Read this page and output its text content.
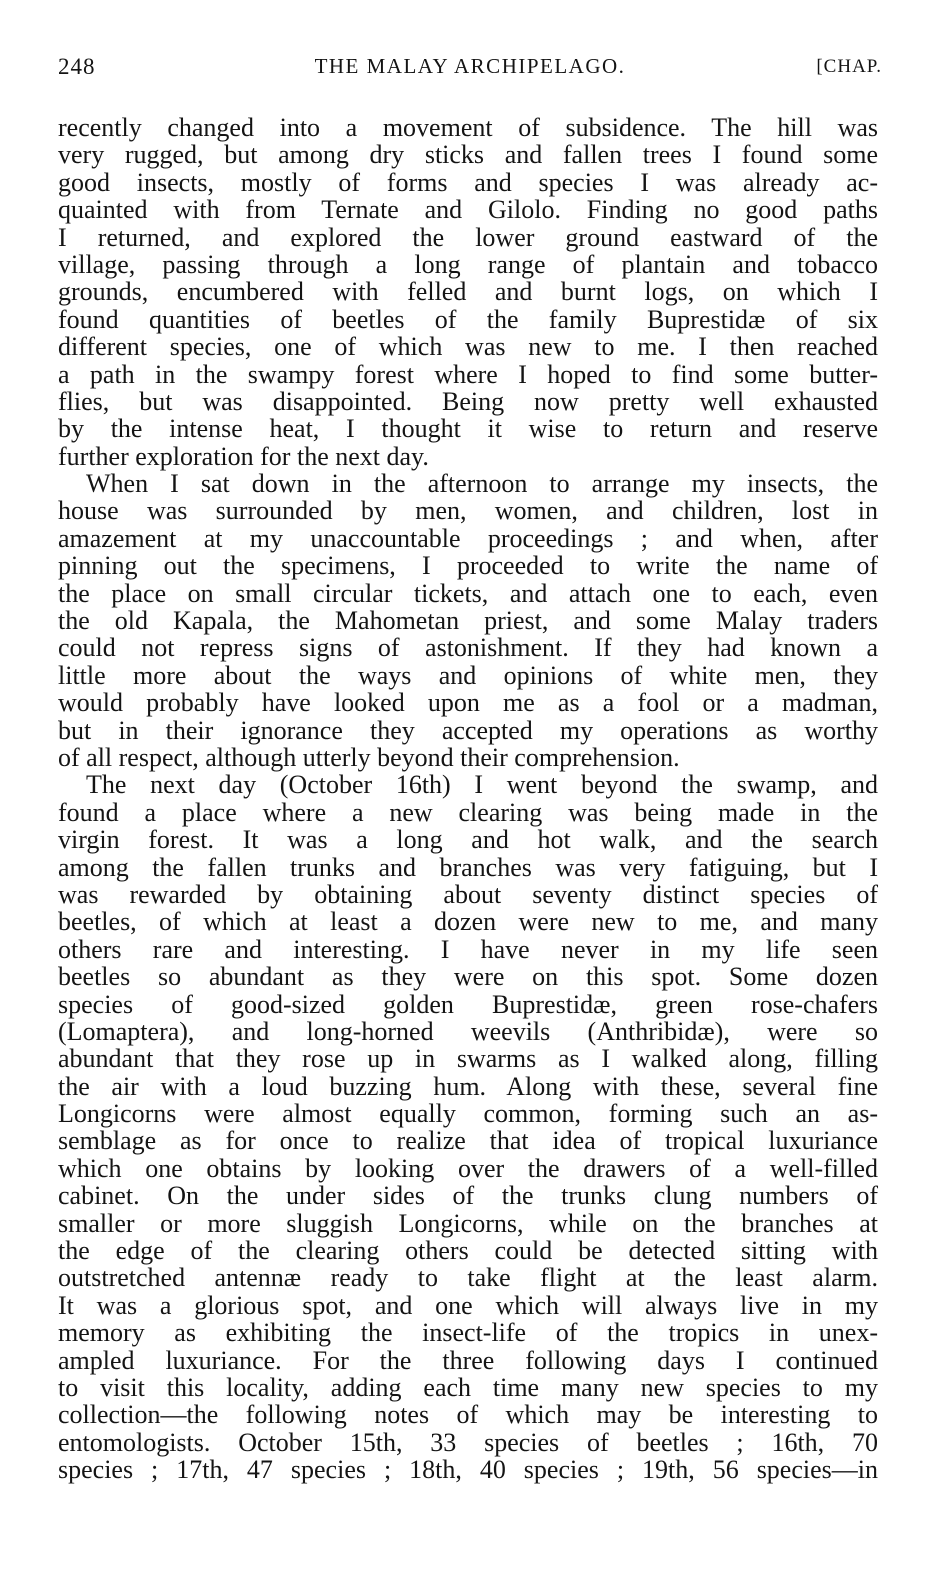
248	THE MALAY ARCHIPELAGO.	[CHAP.
recently changed into a movement of subsidence. The hill was
very rugged, but among dry sticks and fallen trees I found some
good insects, mostly of forms and species I was already ac-
quainted with from Ternate and Gilolo. Finding no good paths
I returned, and explored the lower ground eastward of the
village, passing through a long range of plantain and tobacco
grounds, encumbered with felled and burnt logs, on which I
found quantities of beetles of the family Buprestidæ of six
different species, one of which was new to me. I then reached
a path in the swampy forest where I hoped to find some butter-
flies, but was disappointed. Being now pretty well exhausted
by the intense heat, I thought it wise to return and reserve
further exploration for the next day.
When I sat down in the afternoon to arrange my insects, the
house was surrounded by men, women, and children, lost in
amazement at my unaccountable proceedings ; and when, after
pinning out the specimens, I proceeded to write the name of
the place on small circular tickets, and attach one to each, even
the old Kapala, the Mahometan priest, and some Malay traders
could not repress signs of astonishment. If they had known a
little more about the ways and opinions of white men, they
would probably have looked upon me as a fool or a madman,
but in their ignorance they accepted my operations as worthy
of all respect, although utterly beyond their comprehension.
The next day (October 16th) I went beyond the swamp, and
found a place where a new clearing was being made in the
virgin forest. It was a long and hot walk, and the search
among the fallen trunks and branches was very fatiguing, but I
was rewarded by obtaining about seventy distinct species of
beetles, of which at least a dozen were new to me, and many
others rare and interesting. I have never in my life seen
beetles so abundant as they were on this spot. Some dozen
species of good-sized golden Buprestidæ, green rose-chafers
(Lomaptera), and long-horned weevils (Anthribidæ), were so
abundant that they rose up in swarms as I walked along, filling
the air with a loud buzzing hum. Along with these, several fine
Longicorns were almost equally common, forming such an as-
semblage as for once to realize that idea of tropical luxuriance
which one obtains by looking over the drawers of a well-filled
cabinet. On the under sides of the trunks clung numbers of
smaller or more sluggish Longicorns, while on the branches at
the edge of the clearing others could be detected sitting with
outstretched antennæ ready to take flight at the least alarm.
It was a glorious spot, and one which will always live in my
memory as exhibiting the insect-life of the tropics in unex-
ampled luxuriance. For the three following days I continued
to visit this locality, adding each time many new species to my
collection—the following notes of which may be interesting to
entomologists. October 15th, 33 species of beetles ; 16th, 70
species ; 17th, 47 species ; 18th, 40 species ; 19th, 56 species—in
